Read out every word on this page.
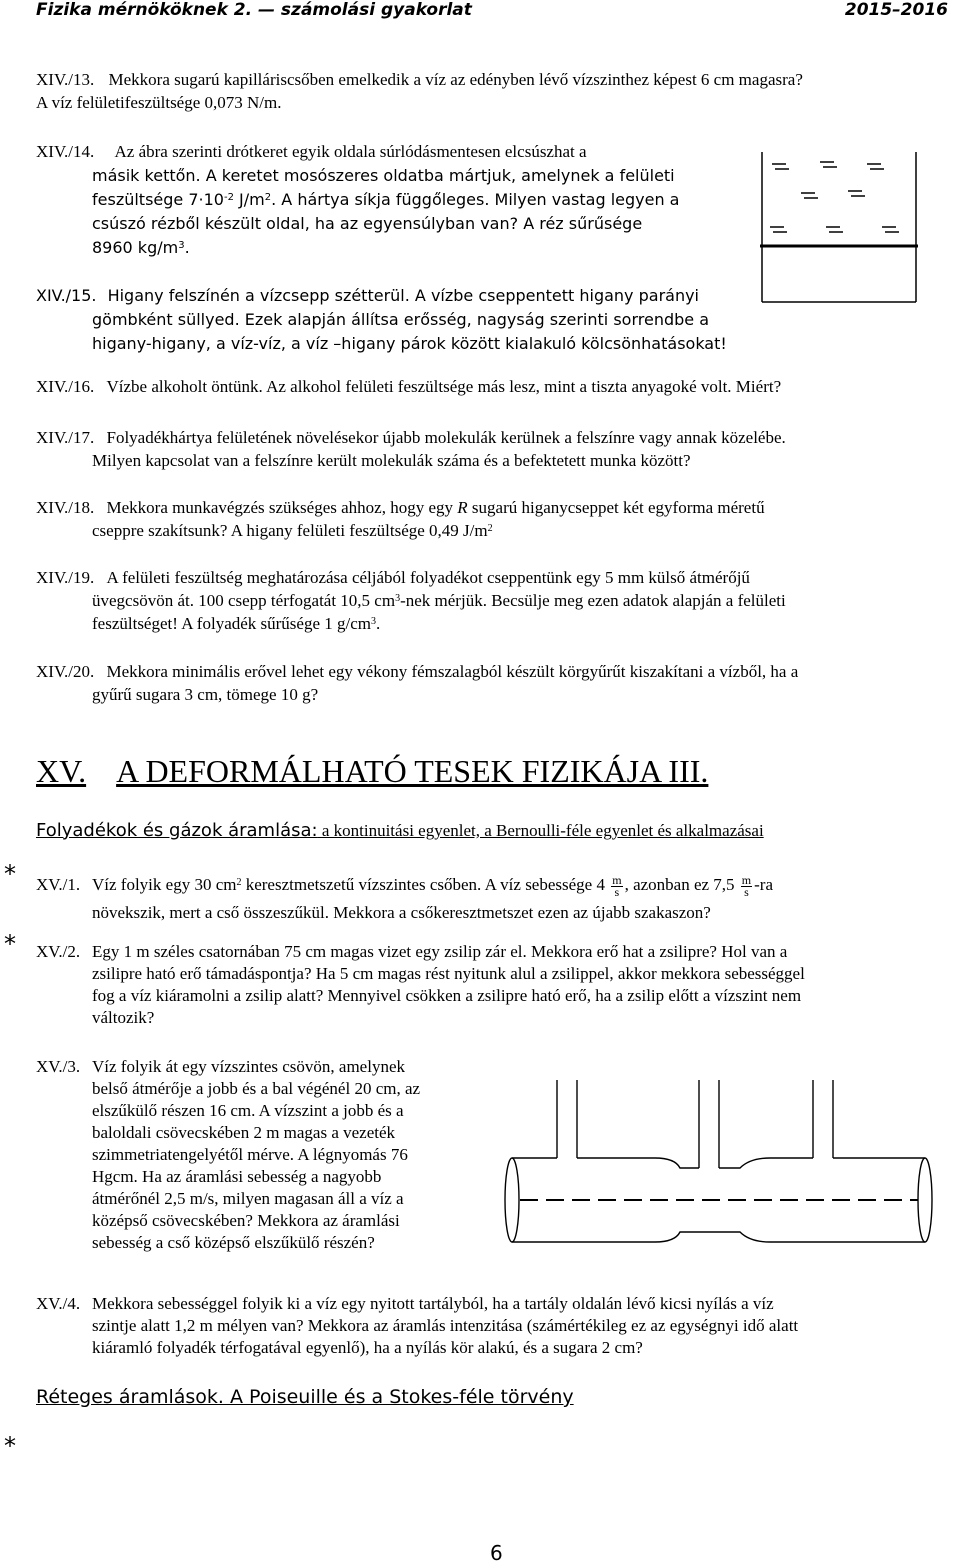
Fizika mérnököknek 2. — számolási gyakorlat	2015–2016
XIV./13. Mekkora sugarú kapilláriscsőben emelkedik a víz az edényben lévő vízszinthez képest 6 cm magasra?
A víz felületifeszültsége 0,073 N/m.
XIV./14. Az ábra szerinti drótkeret egyik oldala súrlódásmentesen elcsúszhat a
másik kettőn. A keretet mosószeres oldatba mártjuk, amelynek a felületi
feszültsége $7\cdot 10^{-2}$ $J/m^2$. A hártya síkja függőleges. Milyen vastag legyen a
csúszó rézből készült oldal, ha az egyensúlyban van? A réz sűrűsége
8960 $kg/m^3$.
XIV./15. Higany felszínén a vízcsepp szétterül. A vízbe cseppentett higany parányi
gömbként süllyed. Ezek alapján állítsa erősség, nagyság szerinti sorrendbe a
higany-higany, a víz-víz, a víz –higany párok között kialakuló kölcsönhatásokat!
XIV./16. Vízbe alkoholt öntünk. Az alkohol felületi feszültsége más lesz, mint a tiszta anyagoké volt. Miért?
XIV./17. Folyadékhártya felületének növelésekor újabb molekulák kerülnek a felszínre vagy annak közelébe.
Milyen kapcsolat van a felszínre került molekulák száma és a befektetett munka között?
XIV./18. Mekkora munkavégzés szükséges ahhoz, hogy egy R sugarú higanycseppet két egyforma méretű
cseppre szakítsunk? A higany felületi feszültsége 0,49 $J/m^2$
XIV./19. A felületi feszültség meghatározása céljából folyadékot cseppentünk egy 5 mm külső átmérőjű
üvegcsövön át. 100 csepp térfogatát 10,5 $cm^3$-nek mérjük. Becsülje meg ezen adatok alapján a felületi
feszültséget! A folyadék sűrűsége 1 $g/cm^3$.
XIV./20. Mekkora minimális erővel lehet egy vékony fémszalagból készült körgyűrűt kiszakítani a vízből, ha a
gyűrű sugara 3 cm, tömege 10 g?
XV. A DEFORMÁLHATÓ TESEK FIZIKÁJA III.
Folyadékok és gázok áramlása: a kontinuitási egyenlet, a Bernoulli-féle egyenlet és alkalmazásai
*
*
*
XV./1. Víz folyik egy 30 $cm^2$ keresztmetszetű vízszintes csőben. A víz sebessége $4 \frac{m}{s}$ , azonban ez $7,5 \frac{m}{s} -ra$
növekszik, mert a cső összeszűkül. Mekkora a csőkeresztmetszet ezen az újabb szakaszon?
XV./2. Egy 1 m széles csatornában 75 cm magas vizet egy zsilip zár el. Mekkora erő hat a zsilipre? Hol van a
zsilipre ható erő támadáspontja? Ha 5 cm magas rést nyitunk alul a zsilippel, akkor mekkora sebességgel
fog a víz kiáramolni a zsilip alatt? Mennyivel csökken a zsilipre ható erő, ha a zsilip előtt a vízszint nem
változik?
XV./3. Víz folyik át egy vízszintes csövön, amelynek
belső átmérője a jobb és a bal végénél 20 cm, az
elszűkülő részen 16 cm. A vízszint a jobb és a
baloldali csövecskében 2 m magas a vezeték
szimmetriatengelyétől mérve. A légnyomás 76
Hgcm. Ha az áramlási sebesség a nagyobb
átmérőnél 2,5 m/s, milyen magasan áll a víz a
középső csövecskében? Mekkora az áramlási
sebesség a cső középső elszűkülő részén?
XV./4. Mekkora sebességgel folyik ki a víz egy nyitott tartályból, ha a tartály oldalán lévő kicsi nyílás a víz
szintje alatt 1,2 m mélyen van? Mekkora az áramlás intenzitása (számértékileg ez az egységnyi idő alatt
kiáramló folyadék térfogatával egyenlő), ha a nyílás kör alakú, és a sugara 2 cm?
Réteges áramlások. A Poiseuille és a Stokes-féle törvény
6
